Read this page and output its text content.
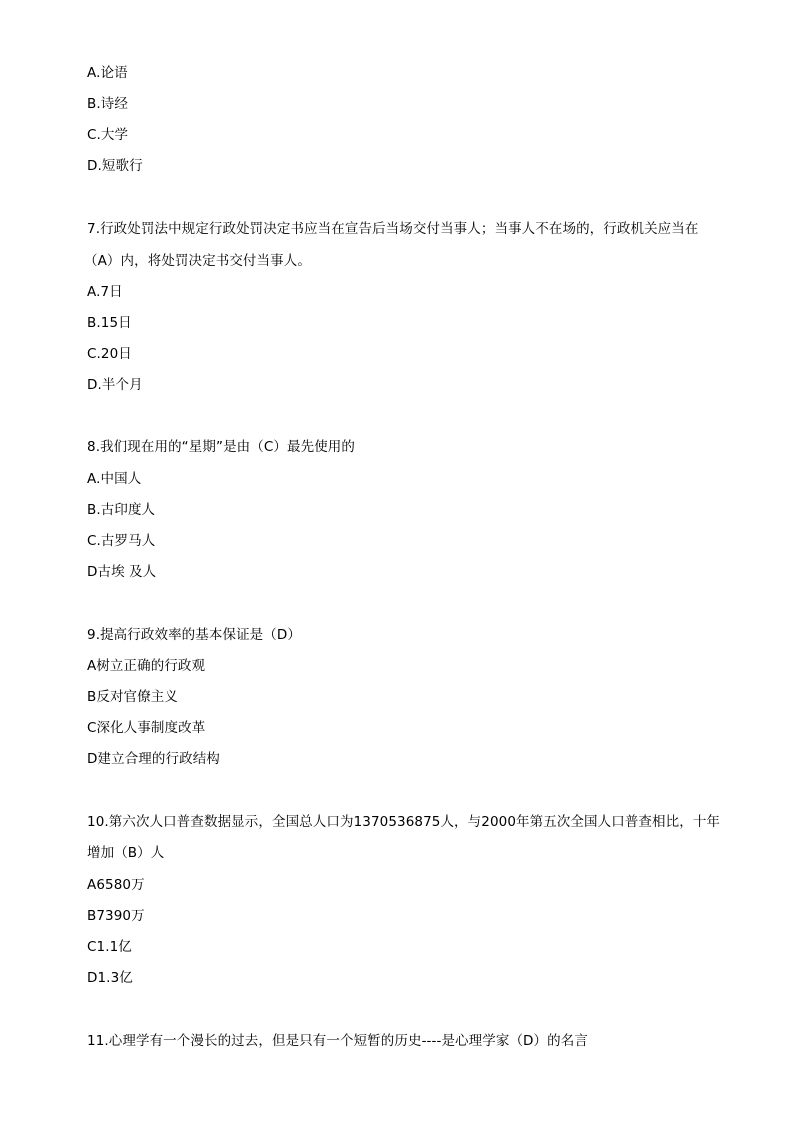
A.论语
B.诗经
C.大学
D.短歌行
7.行政处罚法中规定行政处罚决定书应当在宣告后当场交付当事人；当事人不在场的，行政机关应当在
（A）内，将处罚决定书交付当事人。
A.7日
B.15日
C.20日
D.半个月
8.我们现在用的“星期”是由（C）最先使用的
A.中国人
B.古印度人
C.古罗马人
D古埃 及人
9.提高行政效率的基本保证是（D）
A树立正确的行政观
B反对官僚主义
C深化人事制度改革
D建立合理的行政结构
10.第六次人口普查数据显示，全国总人口为1370536875人，与2000年第五次全国人口普查相比，十年
增加（B）人
A6580万
B7390万
C1.1亿
D1.3亿
11.心理学有一个漫长的过去，但是只有一个短暂的历史----是心理学家（D）的名言
